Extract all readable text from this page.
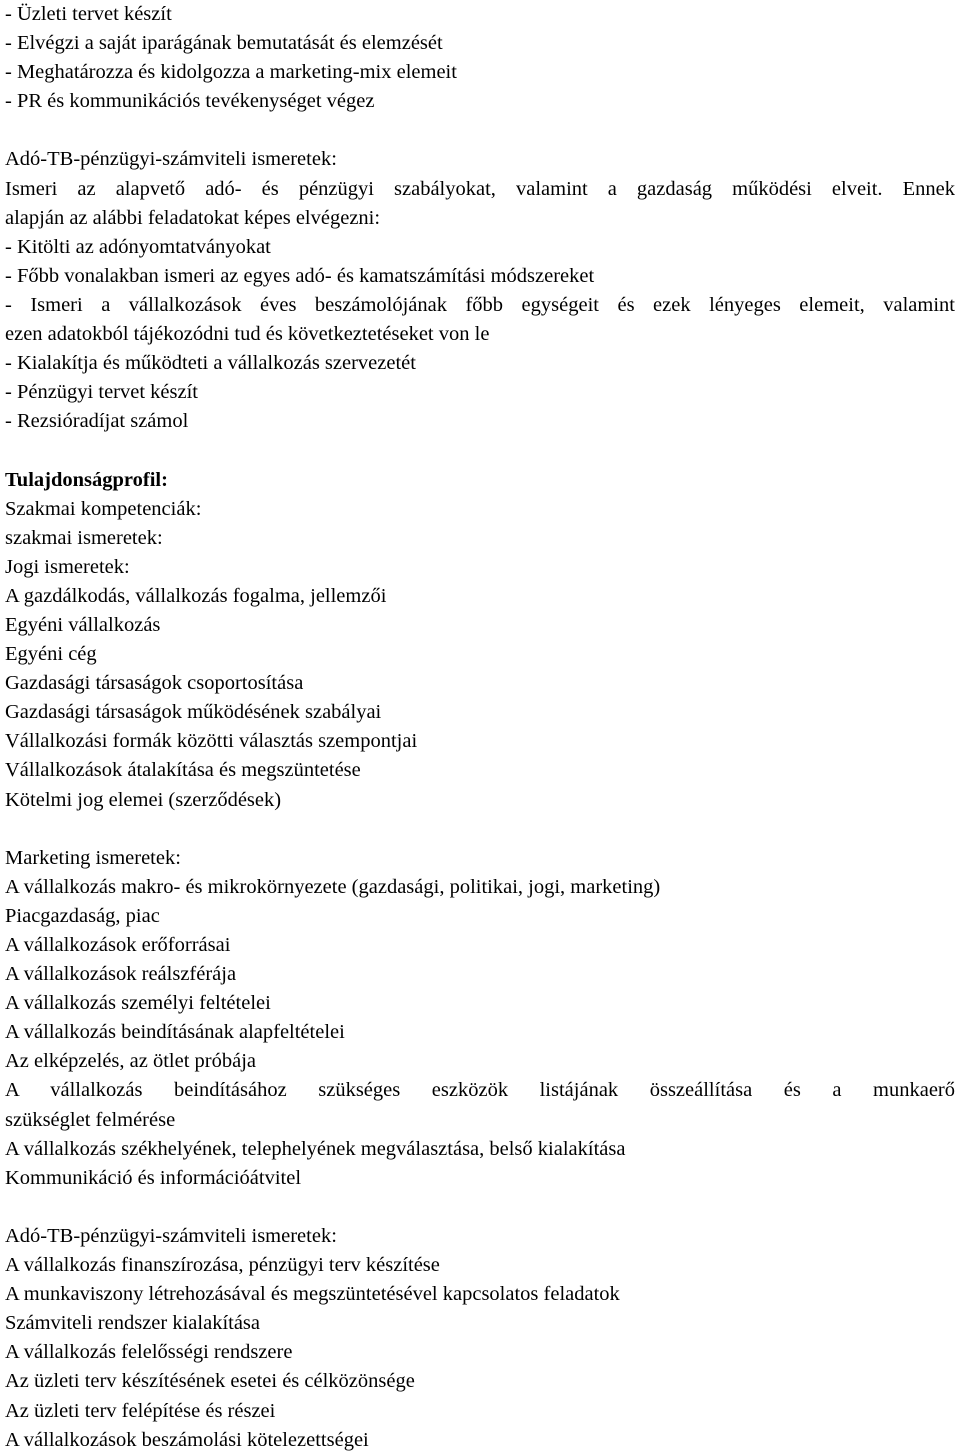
- Üzleti tervet készít
- Elvégzi a saját iparágának bemutatását és elemzését
- Meghatározza és kidolgozza a marketing-mix elemeit
- PR és kommunikációs tevékenységet végez
Adó-TB-pénzügyi-számviteli ismeretek:
Ismeri az alapvető adó- és pénzügyi szabályokat, valamint a gazdaság működési elveit. Ennek
alapján az alábbi feladatokat képes elvégezni:
- Kitölti az adónyomtatványokat
- Főbb vonalakban ismeri az egyes adó- és kamatszámítási módszereket
- Ismeri a vállalkozások éves beszámolójának főbb egységeit és ezek lényeges elemeit, valamint
ezen adatokból tájékozódni tud és következtetéseket von le
- Kialakítja és működteti a vállalkozás szervezetét
- Pénzügyi tervet készít
- Rezsióradíjat számol
Tulajdonságprofil:
Szakmai kompetenciák:
szakmai ismeretek:
Jogi ismeretek:
A gazdálkodás, vállalkozás fogalma, jellemzői
Egyéni vállalkozás
Egyéni cég
Gazdasági társaságok csoportosítása
Gazdasági társaságok működésének szabályai
Vállalkozási formák közötti választás szempontjai
Vállalkozások átalakítása és megszüntetése
Kötelmi jog elemei (szerződések)
Marketing ismeretek:
A vállalkozás makro- és mikrokörnyezete (gazdasági, politikai, jogi, marketing)
Piacgazdaság, piac
A vállalkozások erőforrásai
A vállalkozások reálszférája
A vállalkozás személyi feltételei
A vállalkozás beindításának alapfeltételei
Az elképzelés, az ötlet próbája
A vállalkozás beindításához szükséges eszközök listájának összeállítása és a munkaerő
szükséglet felmérése
A vállalkozás székhelyének, telephelyének megválasztása, belső kialakítása
Kommunikáció és információátvitel
Adó-TB-pénzügyi-számviteli ismeretek:
A vállalkozás finanszírozása, pénzügyi terv készítése
A munkaviszony létrehozásával és megszüntetésével kapcsolatos feladatok
Számviteli rendszer kialakítása
A vállalkozás felelősségi rendszere
Az üzleti terv készítésének esetei és célközönsége
Az üzleti terv felépítése és részei
A vállalkozások beszámolási kötelezettségei
